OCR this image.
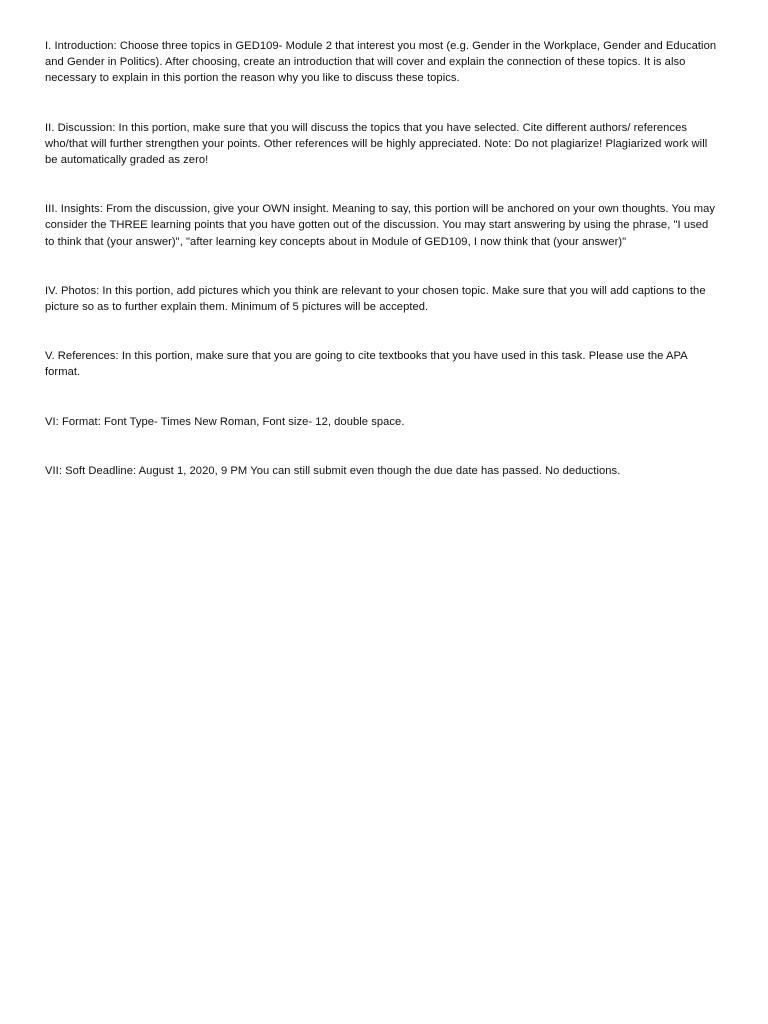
I. Introduction: Choose three topics in GED109- Module 2 that interest you most (e.g. Gender in the Workplace, Gender and Education and Gender in Politics). After choosing, create an introduction that will cover and explain the connection of these topics. It is also necessary to explain in this portion the reason why you like to discuss these topics.

II. Discussion: In this portion, make sure that you will discuss the topics that you have selected. Cite different authors/ references who/that will further strengthen your points. Other references will be highly appreciated. Note: Do not plagiarize! Plagiarized work will be automatically graded as zero!

III. Insights: From the discussion, give your OWN insight. Meaning to say, this portion will be anchored on your own thoughts. You may consider the THREE learning points that you have gotten out of the discussion. You may start answering by using the phrase, "I used to think that (your answer)", "after learning key concepts about in Module of GED109, I now think that (your answer)"

IV. Photos: In this portion, add pictures which you think are relevant to your chosen topic. Make sure that you will add captions to the picture so as to further explain them. Minimum of 5 pictures will be accepted.

V. References: In this portion, make sure that you are going to cite textbooks that you have used in this task. Please use the APA format.

VI: Format: Font Type- Times New Roman, Font size- 12, double space.

VII: Soft Deadline: August 1, 2020, 9 PM You can still submit even though the due date has passed. No deductions.
